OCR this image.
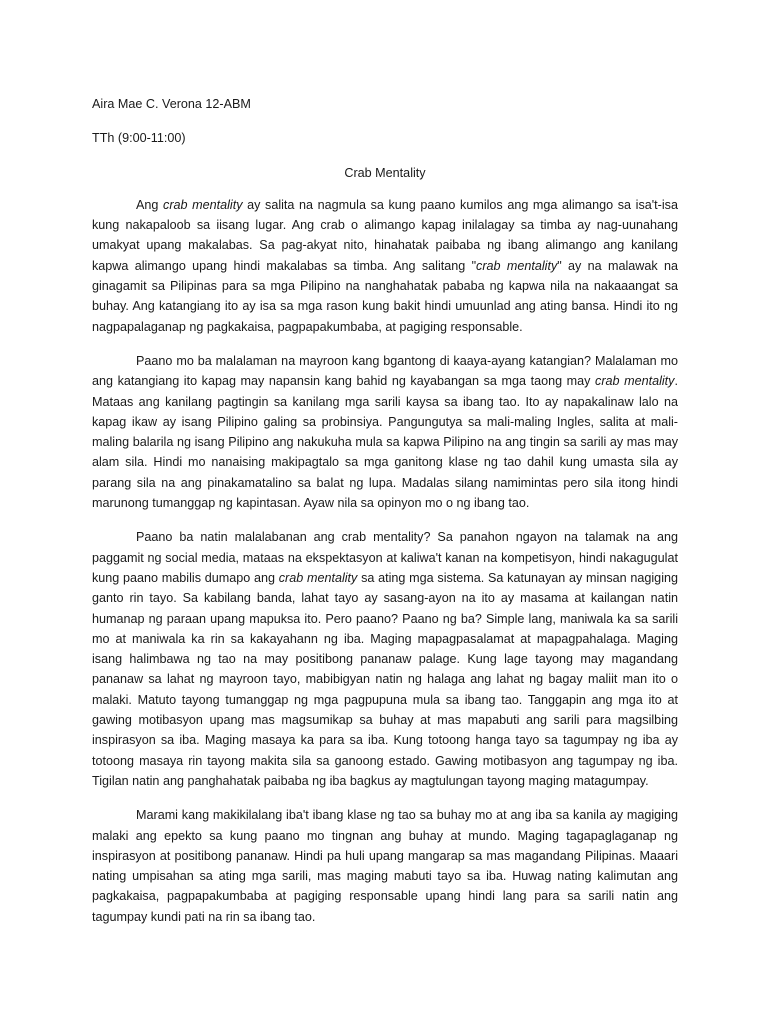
Aira Mae C. Verona 12-ABM

TTh (9:00-11:00)

Crab Mentality

Ang crab mentality ay salita na nagmula sa kung paano kumilos ang mga alimango sa isa't-isa kung nakapaloob sa iisang lugar. Ang crab o alimango kapag inilalagay sa timba ay nag-uunahang umakyat upang makalabas. Sa pag-akyat nito, hinahatak paibaba ng ibang alimango ang kanilang kapwa alimango upang hindi makalabas sa timba. Ang salitang "crab mentality" ay na malawak na ginagamit sa Pilipinas para sa mga Pilipino na nanghahatak pababa ng kapwa nila na nakaaangat sa buhay. Ang katangiang ito ay isa sa mga rason kung bakit hindi umuunlad ang ating bansa. Hindi ito ng nagpapalaganap ng pagkakaisa, pagpapakumbaba, at pagiging responsable.

Paano mo ba malalaman na mayroon kang bgantong di kaaya-ayang katangian? Malalaman mo ang katangiang ito kapag may napansin kang bahid ng kayabangan sa mga taong may crab mentality. Mataas ang kanilang pagtingin sa kanilang mga sarili kaysa sa ibang tao. Ito ay napakalinaw lalo na kapag ikaw ay isang Pilipino galing sa probinsiya. Pangungutya sa mali-maling Ingles, salita at mali-maling balarila ng isang Pilipino ang nakukuha mula sa kapwa Pilipino na ang tingin sa sarili ay mas may alam sila. Hindi mo nanaising makipagtalo sa mga ganitong klase ng tao dahil kung umasta sila ay parang sila na ang pinakamatalino sa balat ng lupa. Madalas silang namimintas pero sila itong hindi marunong tumanggap ng kapintasan. Ayaw nila sa opinyon mo o ng ibang tao.

Paano ba natin malalabanan ang crab mentality? Sa panahon ngayon na talamak na ang paggamit ng social media, mataas na ekspektasyon at kaliwa't kanan na kompetisyon, hindi nakagugulat kung paano mabilis dumapo ang crab mentality sa ating mga sistema. Sa katunayan ay minsan nagiging ganto rin tayo. Sa kabilang banda, lahat tayo ay sasang-ayon na ito ay masama at kailangan natin humanap ng paraan upang mapuksa ito. Pero paano? Paano ng ba? Simple lang, maniwala ka sa sarili mo at maniwala ka rin sa kakayahann ng iba. Maging mapagpasalamat at mapagpahalaga. Maging isang halimbawa ng tao na may positibong pananaw palage. Kung lage tayong may magandang pananaw sa lahat ng mayroon tayo, mabibigyan natin ng halaga ang lahat ng bagay maliit man ito o malaki. Matuto tayong tumanggap ng mga pagpupuna mula sa ibang tao. Tanggapin ang mga ito at gawing motibasyon upang mas magsumikap sa buhay at mas mapabuti ang sarili para magsilbing inspirasyon sa iba. Maging masaya ka para sa iba. Kung totoong hanga tayo sa tagumpay ng iba ay totoong masaya rin tayong makita sila sa ganoong estado. Gawing motibasyon ang tagumpay ng iba. Tigilan natin ang panghahatak paibaba ng iba bagkus ay magtulungan tayong maging matagumpay.

Marami kang makikilalang iba't ibang klase ng tao sa buhay mo at ang iba sa kanila ay magiging malaki ang epekto sa kung paano mo tingnan ang buhay at mundo. Maging tagapaglaganap ng inspirasyon at positibong pananaw. Hindi pa huli upang mangarap sa mas magandang Pilipinas. Maaari nating umpisahan sa ating mga sarili, mas maging mabuti tayo sa iba. Huwag nating kalimutan ang pagkakaisa, pagpapakumbaba at pagiging responsable upang hindi lang para sa sarili natin ang tagumpay kundi pati na rin sa ibang tao.
